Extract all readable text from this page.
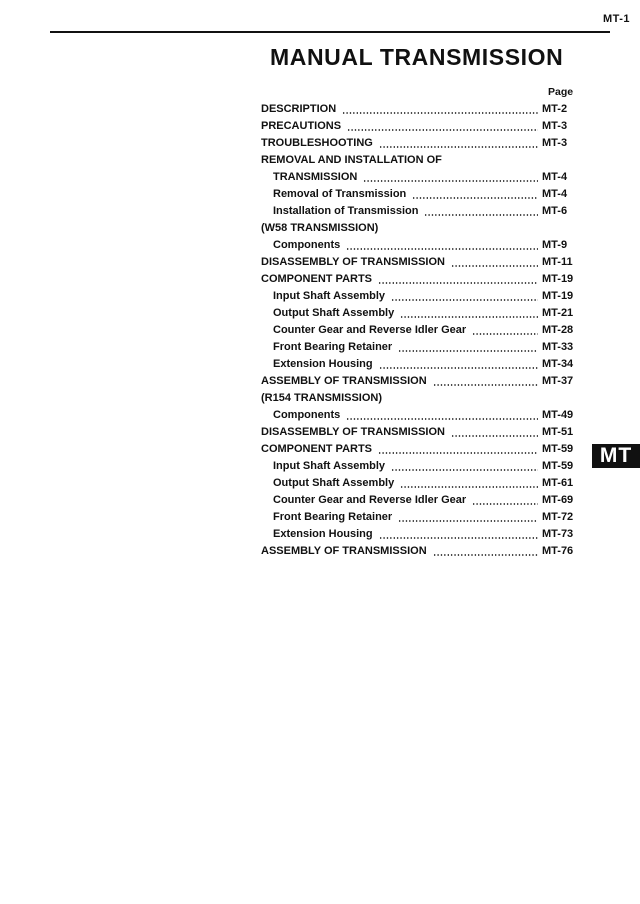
MT-1
MANUAL TRANSMISSION
Page
DESCRIPTION	MT-2
PRECAUTIONS	MT-3
TROUBLESHOOTING	MT-3
REMOVAL AND INSTALLATION OF
TRANSMISSION	MT-4
Removal of Transmission	MT-4
Installation of Transmission	MT-6
(W58 TRANSMISSION)
Components	MT-9
DISASSEMBLY OF TRANSMISSION	MT-11
COMPONENT PARTS	MT-19
Input Shaft Assembly	MT-19
Output Shaft Assembly	MT-21
Counter Gear and Reverse Idler Gear	MT-28
Front Bearing Retainer	MT-33
Extension Housing	MT-34
ASSEMBLY OF TRANSMISSION	MT-37
(R154 TRANSMISSION)
Components	MT-49
DISASSEMBLY OF TRANSMISSION	MT-51
COMPONENT PARTS	MT-59
Input Shaft Assembly	MT-59
Output Shaft Assembly	MT-61
Counter Gear and Reverse Idler Gear	MT-69
Front Bearing Retainer	MT-72
Extension Housing	MT-73
ASSEMBLY OF TRANSMISSION	MT-76
MT
